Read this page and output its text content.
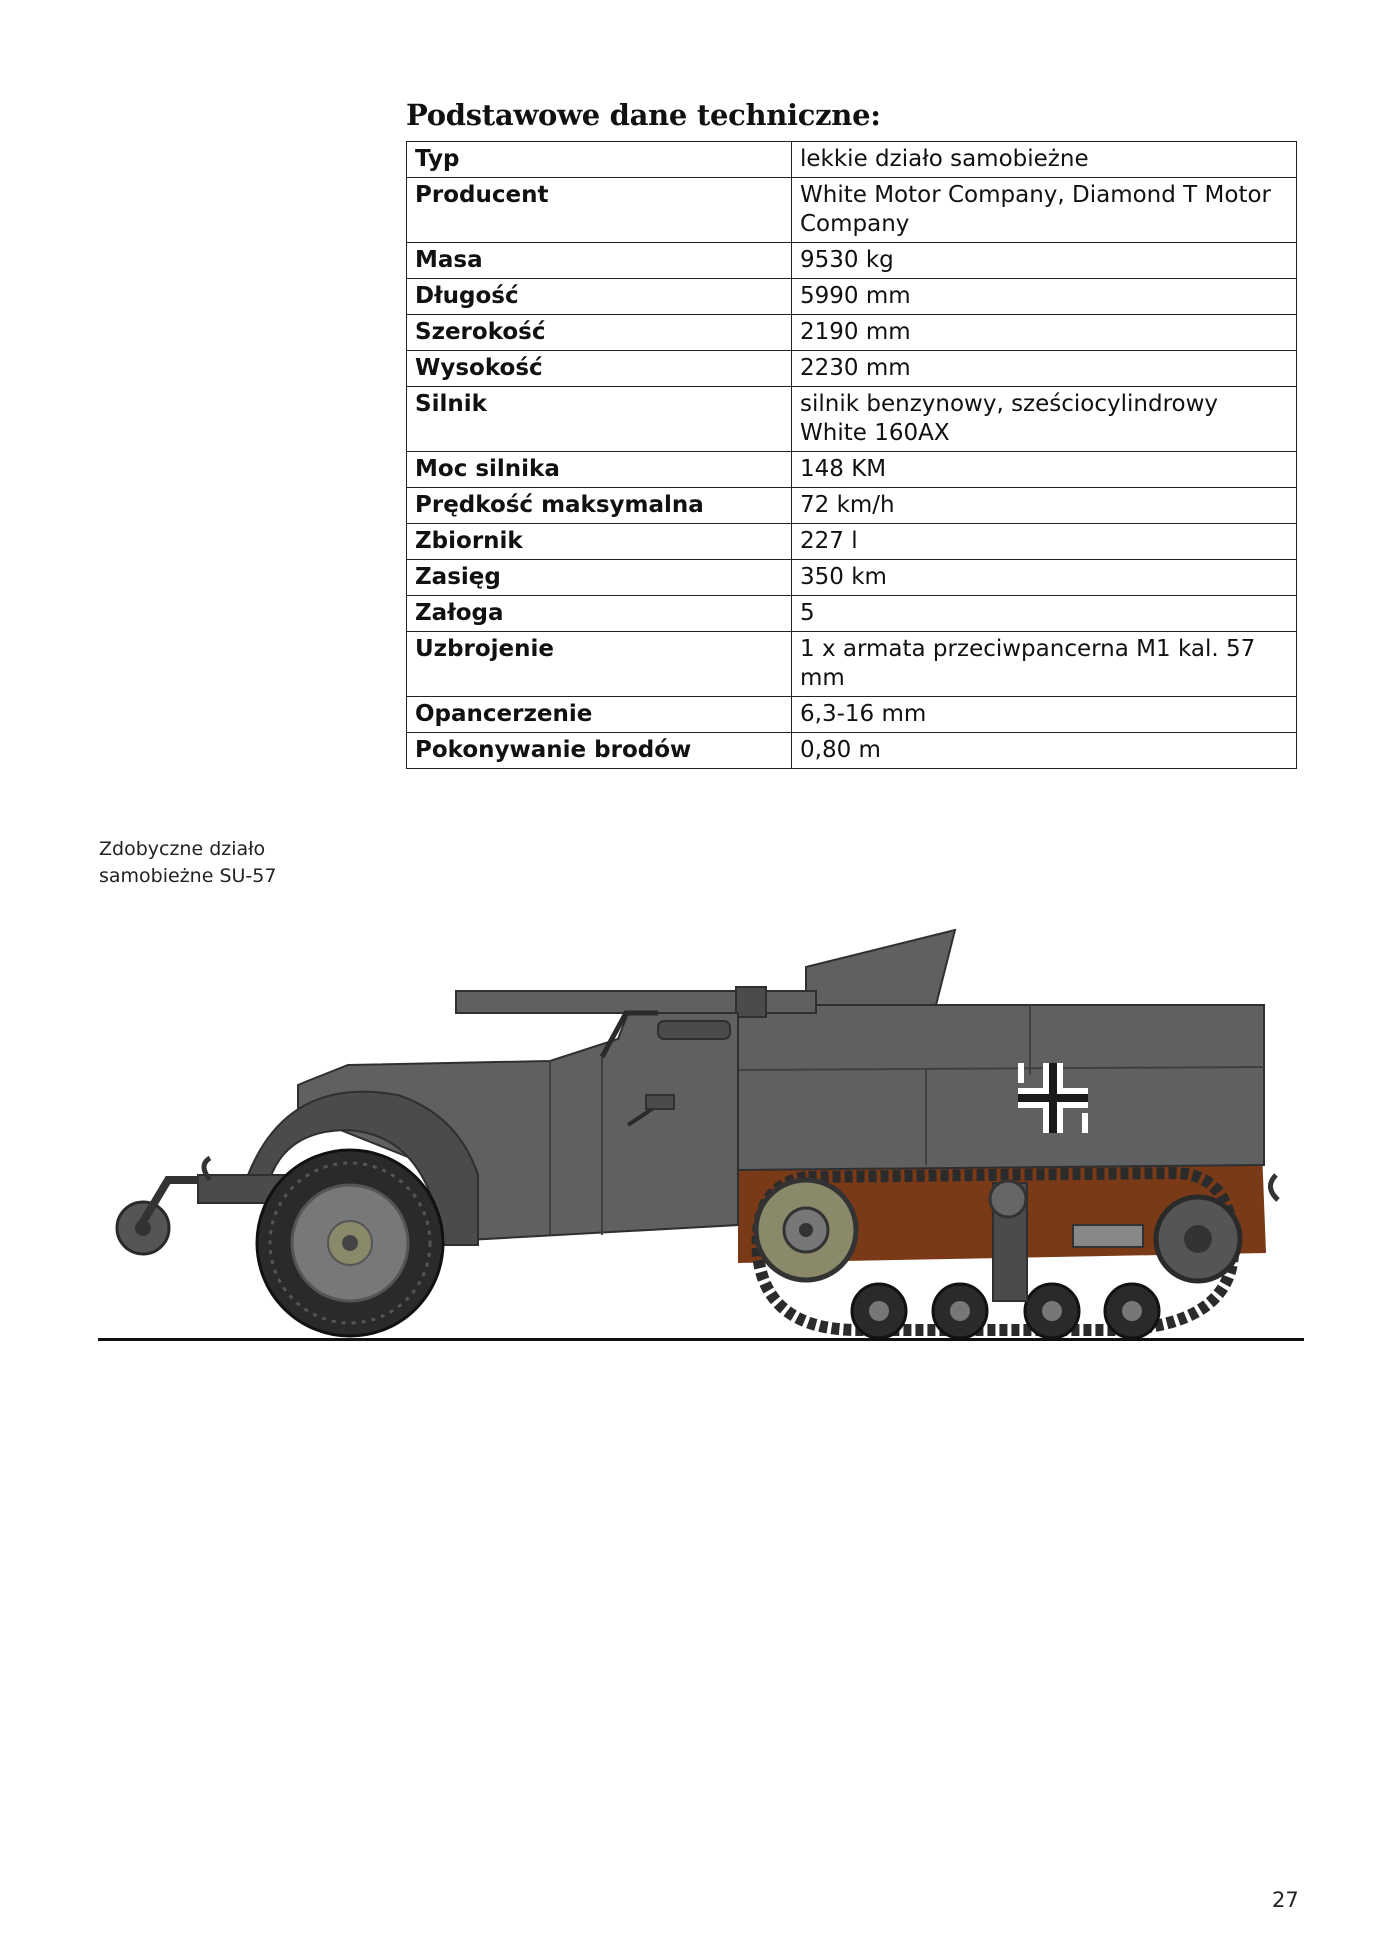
Podstawowe dane techniczne:
Typ	lekkie działo samobieżne
Producent	White Motor Company, Diamond T Motor Company
Masa	9530 kg
Długość	5990 mm
Szerokość	2190 mm
Wysokość	2230 mm
Silnik	silnik benzynowy, sześciocylindrowy White 160AX
Moc silnika	148 KM
Prędkość maksymalna	72 km/h
Zbiornik	227 l
Zasięg	350 km
Załoga	5
Uzbrojenie	1 x armata przeciwpancerna M1 kal. 57 mm
Opancerzenie	6,3-16 mm
Pokonywanie brodów	0,80 m
Zdobyczne działo
samobieżne SU-57
27
